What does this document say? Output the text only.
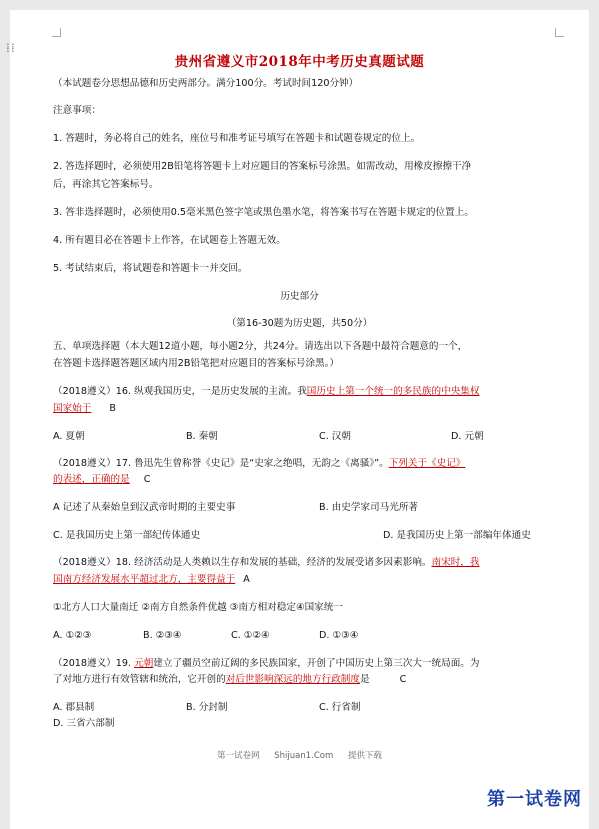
贵州省遵义市2018年中考历史真题试题

（本试题卷分思想品德和历史两部分。满分100分。考试时间120分钟）

注意事项：

1. 答题时，务必将自己的姓名，座位号和准考证号填写在答题卡和试题卷规定的位上。

2. 答选择题时，必须使用2B铅笔将答题卡上对应题目的答案标号涂黑。如需改动，用橡皮擦擦干净

后，再涂其它答案标号。

3. 答非选择题时，必须使用0.5毫米黑色签字笔或黑色墨水笔，将答案书写在答题卡规定的位置上。

4. 所有题目必在答题卡上作答，在试题卷上答题无效。

5. 考试结束后，将试题卷和答题卡一并交回。

历史部分

（第16-30题为历史题，共50分）

五、单项选择题（本大题12道小题，每小题2分，共24分。请选出以下各题中最符合题意的一个，

在答题卡选择题答题区域内用2B铅笔把对应题目的答案标号涂黑。）

（2018遵义）16. 纵观我国历史，一是历史发展的主流。我国历史上第一个统一的多民族的中央集权

国家始于 B

A. 夏朝	B. 秦朝	C. 汉朝	D. 元朝

（2018遵义）17. 鲁迅先生曾称誉《史记》是“史家之绝唱，无韵之《离骚》”。下列关于《史记》

的表述，正确的是 C

A 记述了从秦始皇到汉武帝时期的主要史事	B. 由史学家司马光所著
C. 是我国历史上第一部纪传体通史	D. 是我国历史上第一部编年体通史

（2018遵义）18. 经济活动是人类赖以生存和发展的基础，经济的发展受诸多因素影响。南宋时，我

国南方经济发展水平超过北方，主要得益于 A

①北方人口大量南迁 ②南方自然条件优越 ③南方相对稳定④国家统一

A. ①②③	B. ②③④	C. ①②④	D. ①③④

（2018遵义）19. 元朝建立了疆员空前辽阔的多民族国家，开创了中国历史上第三次大一统局面。为

了对地方进行有效管辖和统治，它开创的对后世影响深远的地方行政制度是	C

A. 郡县制	B. 分封制	C. 行省制
D. 三省六部制
第一试卷网 Shijuan1.Com 提供下载
⁞⁞
第一试卷网
